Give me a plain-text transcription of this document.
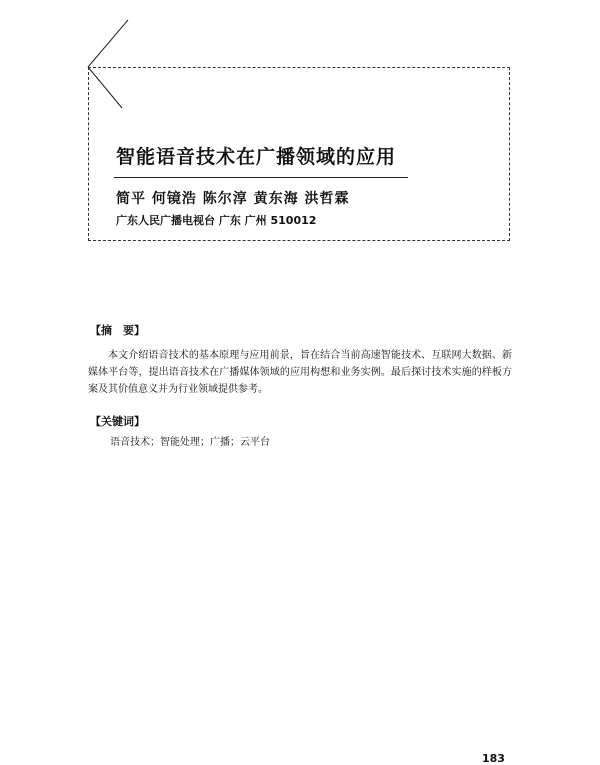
智能语音技术在广播领域的应用
简平 何镜浩 陈尔淳 黄东海 洪哲霖
广东人民广播电视台 广东 广州 510012
【摘　要】

本文介绍语音技术的基本原理与应用前景，旨在结合当前高速智能技术、互联网大数据、新媒体平台等，提出语音技术在广播媒体领域的应用构想和业务实例。最后探讨技术实施的样板方案及其价值意义并为行业领域提供参考。

【关键词】
语音技术；智能处理；广播；云平台
183
